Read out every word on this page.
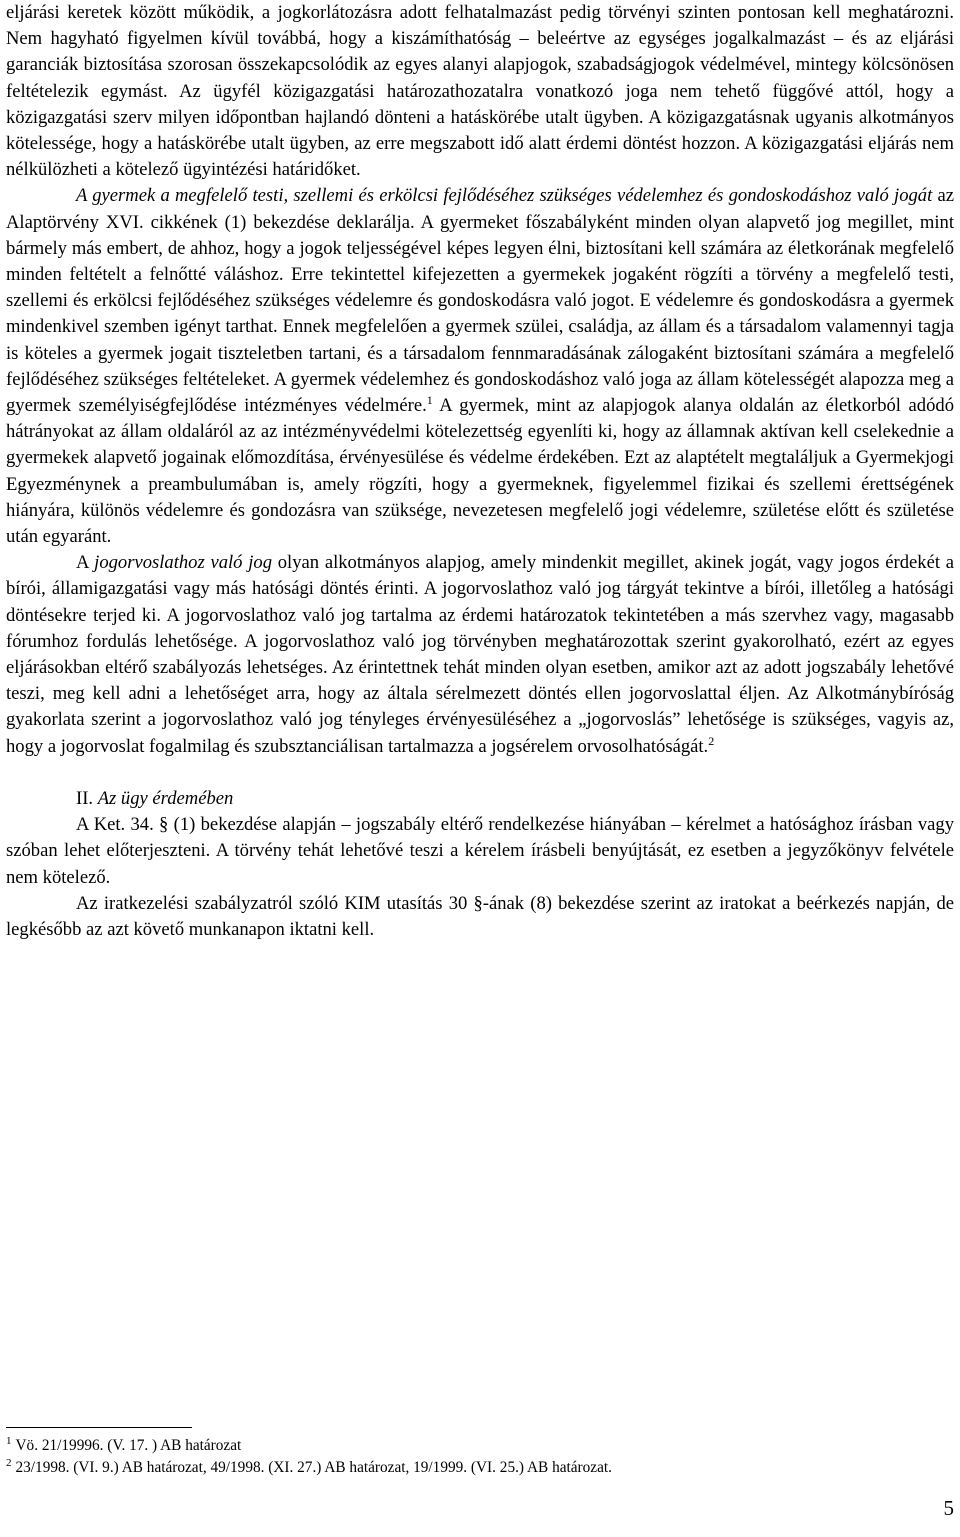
eljárási keretek között működik, a jogkorlátozásra adott felhatalmazást pedig törvényi szinten pontosan kell meghatározni. Nem hagyható figyelmen kívül továbbá, hogy a kiszámíthatóság – beleértve az egységes jogalkalmazást – és az eljárási garanciák biztosítása szorosan összekapcsolódik az egyes alanyi alapjogok, szabadságjogok védelmével, mintegy kölcsönösen feltételezik egymást. Az ügyfél közigazgatási határozathozatalra vonatkozó joga nem tehető függővé attól, hogy a közigazgatási szerv milyen időpontban hajlandó dönteni a hatáskörébe utalt ügyben. A közigazgatásnak ugyanis alkotmányos kötelessége, hogy a hatáskörébe utalt ügyben, az erre megszabott idő alatt érdemi döntést hozzon. A közigazgatási eljárás nem nélkülözheti a kötelező ügyintézési határidőket.

A gyermek a megfelelő testi, szellemi és erkölcsi fejlődéséhez szükséges védelemhez és gondoskodáshoz való jogát az Alaptörvény XVI. cikkének (1) bekezdése deklarálja. A gyermeket főszabályként minden olyan alapvető jog megillet, mint bármely más embert, de ahhoz, hogy a jogok teljességével képes legyen élni, biztosítani kell számára az életkorának megfelelő minden feltételt a felnőtté váláshoz. Erre tekintettel kifejezetten a gyermekek jogaként rögzíti a törvény a megfelelő testi, szellemi és erkölcsi fejlődéséhez szükséges védelemre és gondoskodásra való jogot. E védelemre és gondoskodásra a gyermek mindenkivel szemben igényt tarthat. Ennek megfelelően a gyermek szülei, családja, az állam és a társadalom valamennyi tagja is köteles a gyermek jogait tiszteletben tartani, és a társadalom fennmaradásának zálogaként biztosítani számára a megfelelő fejlődéséhez szükséges feltételeket. A gyermek védelemhez és gondoskodáshoz való joga az állam kötelességét alapozza meg a gyermek személyiségfejlődése intézményes védelmére.$^1$ A gyermek, mint az alapjogok alanya oldalán az életkorból adódó hátrányokat az állam oldaláról az az intézményvédelmi kötelezettség egyenlíti ki, hogy az államnak aktívan kell cselekednie a gyermekek alapvető jogainak előmozdítása, érvényesülése és védelme érdekében. Ezt az alaptételt megtaláljuk a Gyermekjogi Egyezménynek a preambulumában is, amely rögzíti, hogy a gyermeknek, figyelemmel fizikai és szellemi érettségének hiányára, különös védelemre és gondozásra van szüksége, nevezetesen megfelelő jogi védelemre, születése előtt és születése után egyaránt.

A jogorvoslathoz való jog olyan alkotmányos alapjog, amely mindenkit megillet, akinek jogát, vagy jogos érdekét a bírói, államigazgatási vagy más hatósági döntés érinti. A jogorvoslathoz való jog tárgyát tekintve a bírói, illetőleg a hatósági döntésekre terjed ki. A jogorvoslathoz való jog tartalma az érdemi határozatok tekintetében a más szervhez vagy, magasabb fórumhoz fordulás lehetősége. A jogorvoslathoz való jog törvényben meghatározottak szerint gyakorolható, ezért az egyes eljárásokban eltérő szabályozás lehetséges. Az érintettnek tehát minden olyan esetben, amikor azt az adott jogszabály lehetővé teszi, meg kell adni a lehetőséget arra, hogy az általa sérelmezett döntés ellen jogorvoslattal éljen. Az Alkotmánybíróság gyakorlata szerint a jogorvoslathoz való jog tényleges érvényesüléséhez a „jogorvoslás” lehetősége is szükséges, vagyis az, hogy a jogorvoslat fogalmilag és szubsztanciálisan tartalmazza a jogsérelem orvosolhatóságát.$^2$

II. Az ügy érdemében

A Ket. 34. § (1) bekezdése alapján – jogszabály eltérő rendelkezése hiányában – kérelmet a hatósághoz írásban vagy szóban lehet előterjeszteni. A törvény tehát lehetővé teszi a kérelem írásbeli benyújtását, ez esetben a jegyzőkönyv felvétele nem kötelező.

Az iratkezelési szabályzatról szóló KIM utasítás 30 §-ának (8) bekezdése szerint az iratokat a beérkezés napján, de legkésőbb az azt követő munkanapon iktatni kell.

$^1$ Vö. 21/19996. (V. 17. ) AB határozat

$^2$ 23/1998. (VI. 9.) AB határozat, 49/1998. (XI. 27.) AB határozat, 19/1999. (VI. 25.) AB határozat.

5
